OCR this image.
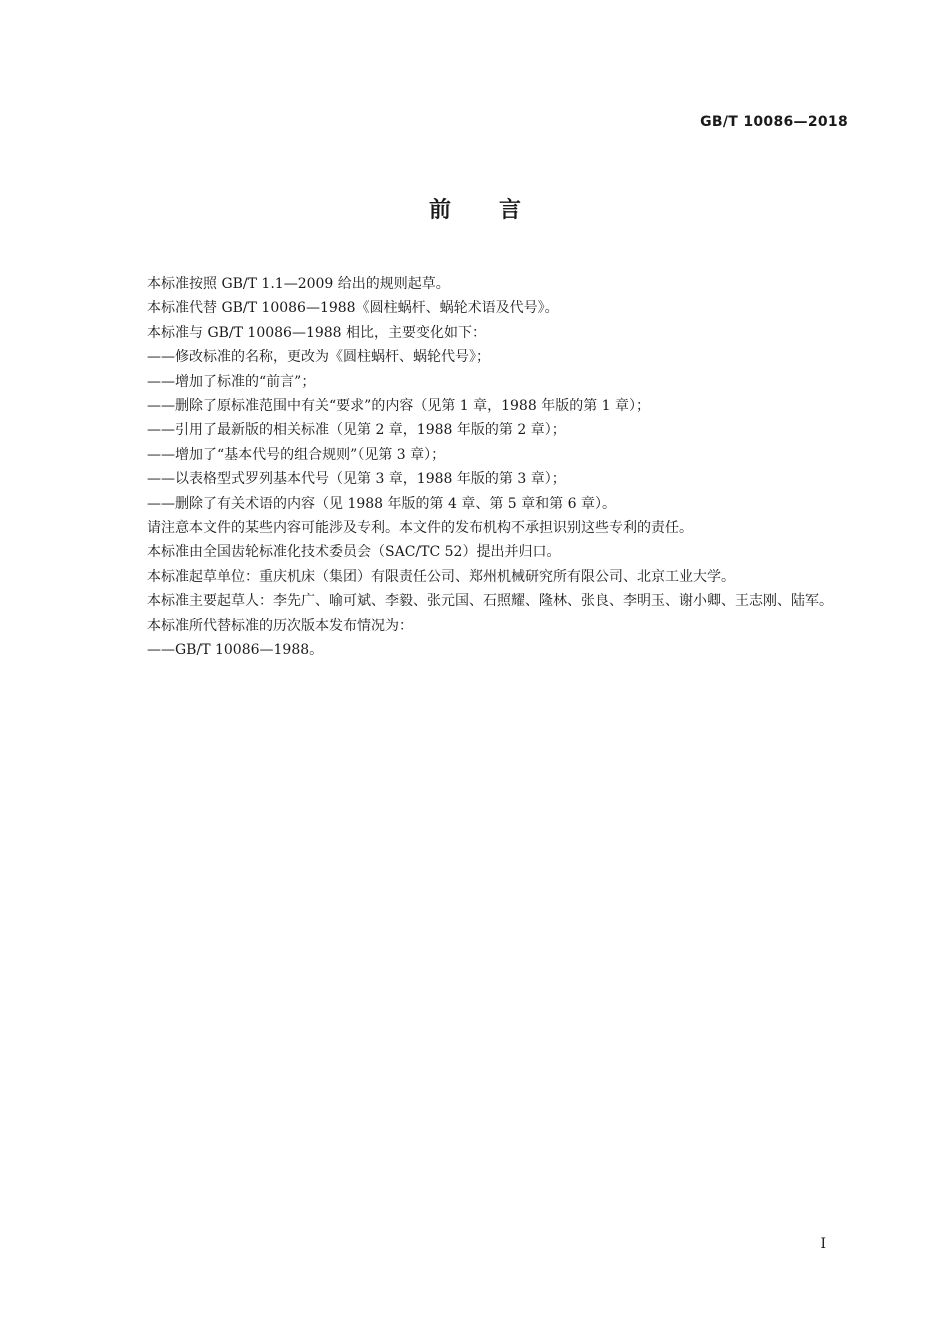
GB/T 10086—2018
前 言

本标准按照 GB/T 1.1—2009 给出的规则起草。

本标准代替 GB/T 10086—1988《圆柱蜗杆、蜗轮术语及代号》。

本标准与 GB/T 10086—1988 相比，主要变化如下：

——修改标准的名称，更改为《圆柱蜗杆、蜗轮代号》；

——增加了标准的“前言”；

——删除了原标准范围中有关“要求”的内容（见第 1 章，1988 年版的第 1 章）；

——引用了最新版的相关标准（见第 2 章，1988 年版的第 2 章）；

——增加了“基本代号的组合规则”（见第 3 章）；

——以表格型式罗列基本代号（见第 3 章，1988 年版的第 3 章）；

——删除了有关术语的内容（见 1988 年版的第 4 章、第 5 章和第 6 章）。

请注意本文件的某些内容可能涉及专利。本文件的发布机构不承担识别这些专利的责任。

本标准由全国齿轮标准化技术委员会（SAC/TC 52）提出并归口。

本标准起草单位：重庆机床（集团）有限责任公司、郑州机械研究所有限公司、北京工业大学。

本标准主要起草人：李先广、喻可斌、李毅、张元国、石照耀、隆林、张良、李明玉、谢小卿、王志刚、陆军。

本标准所代替标准的历次版本发布情况为：

——GB/T 10086—1988。

I
